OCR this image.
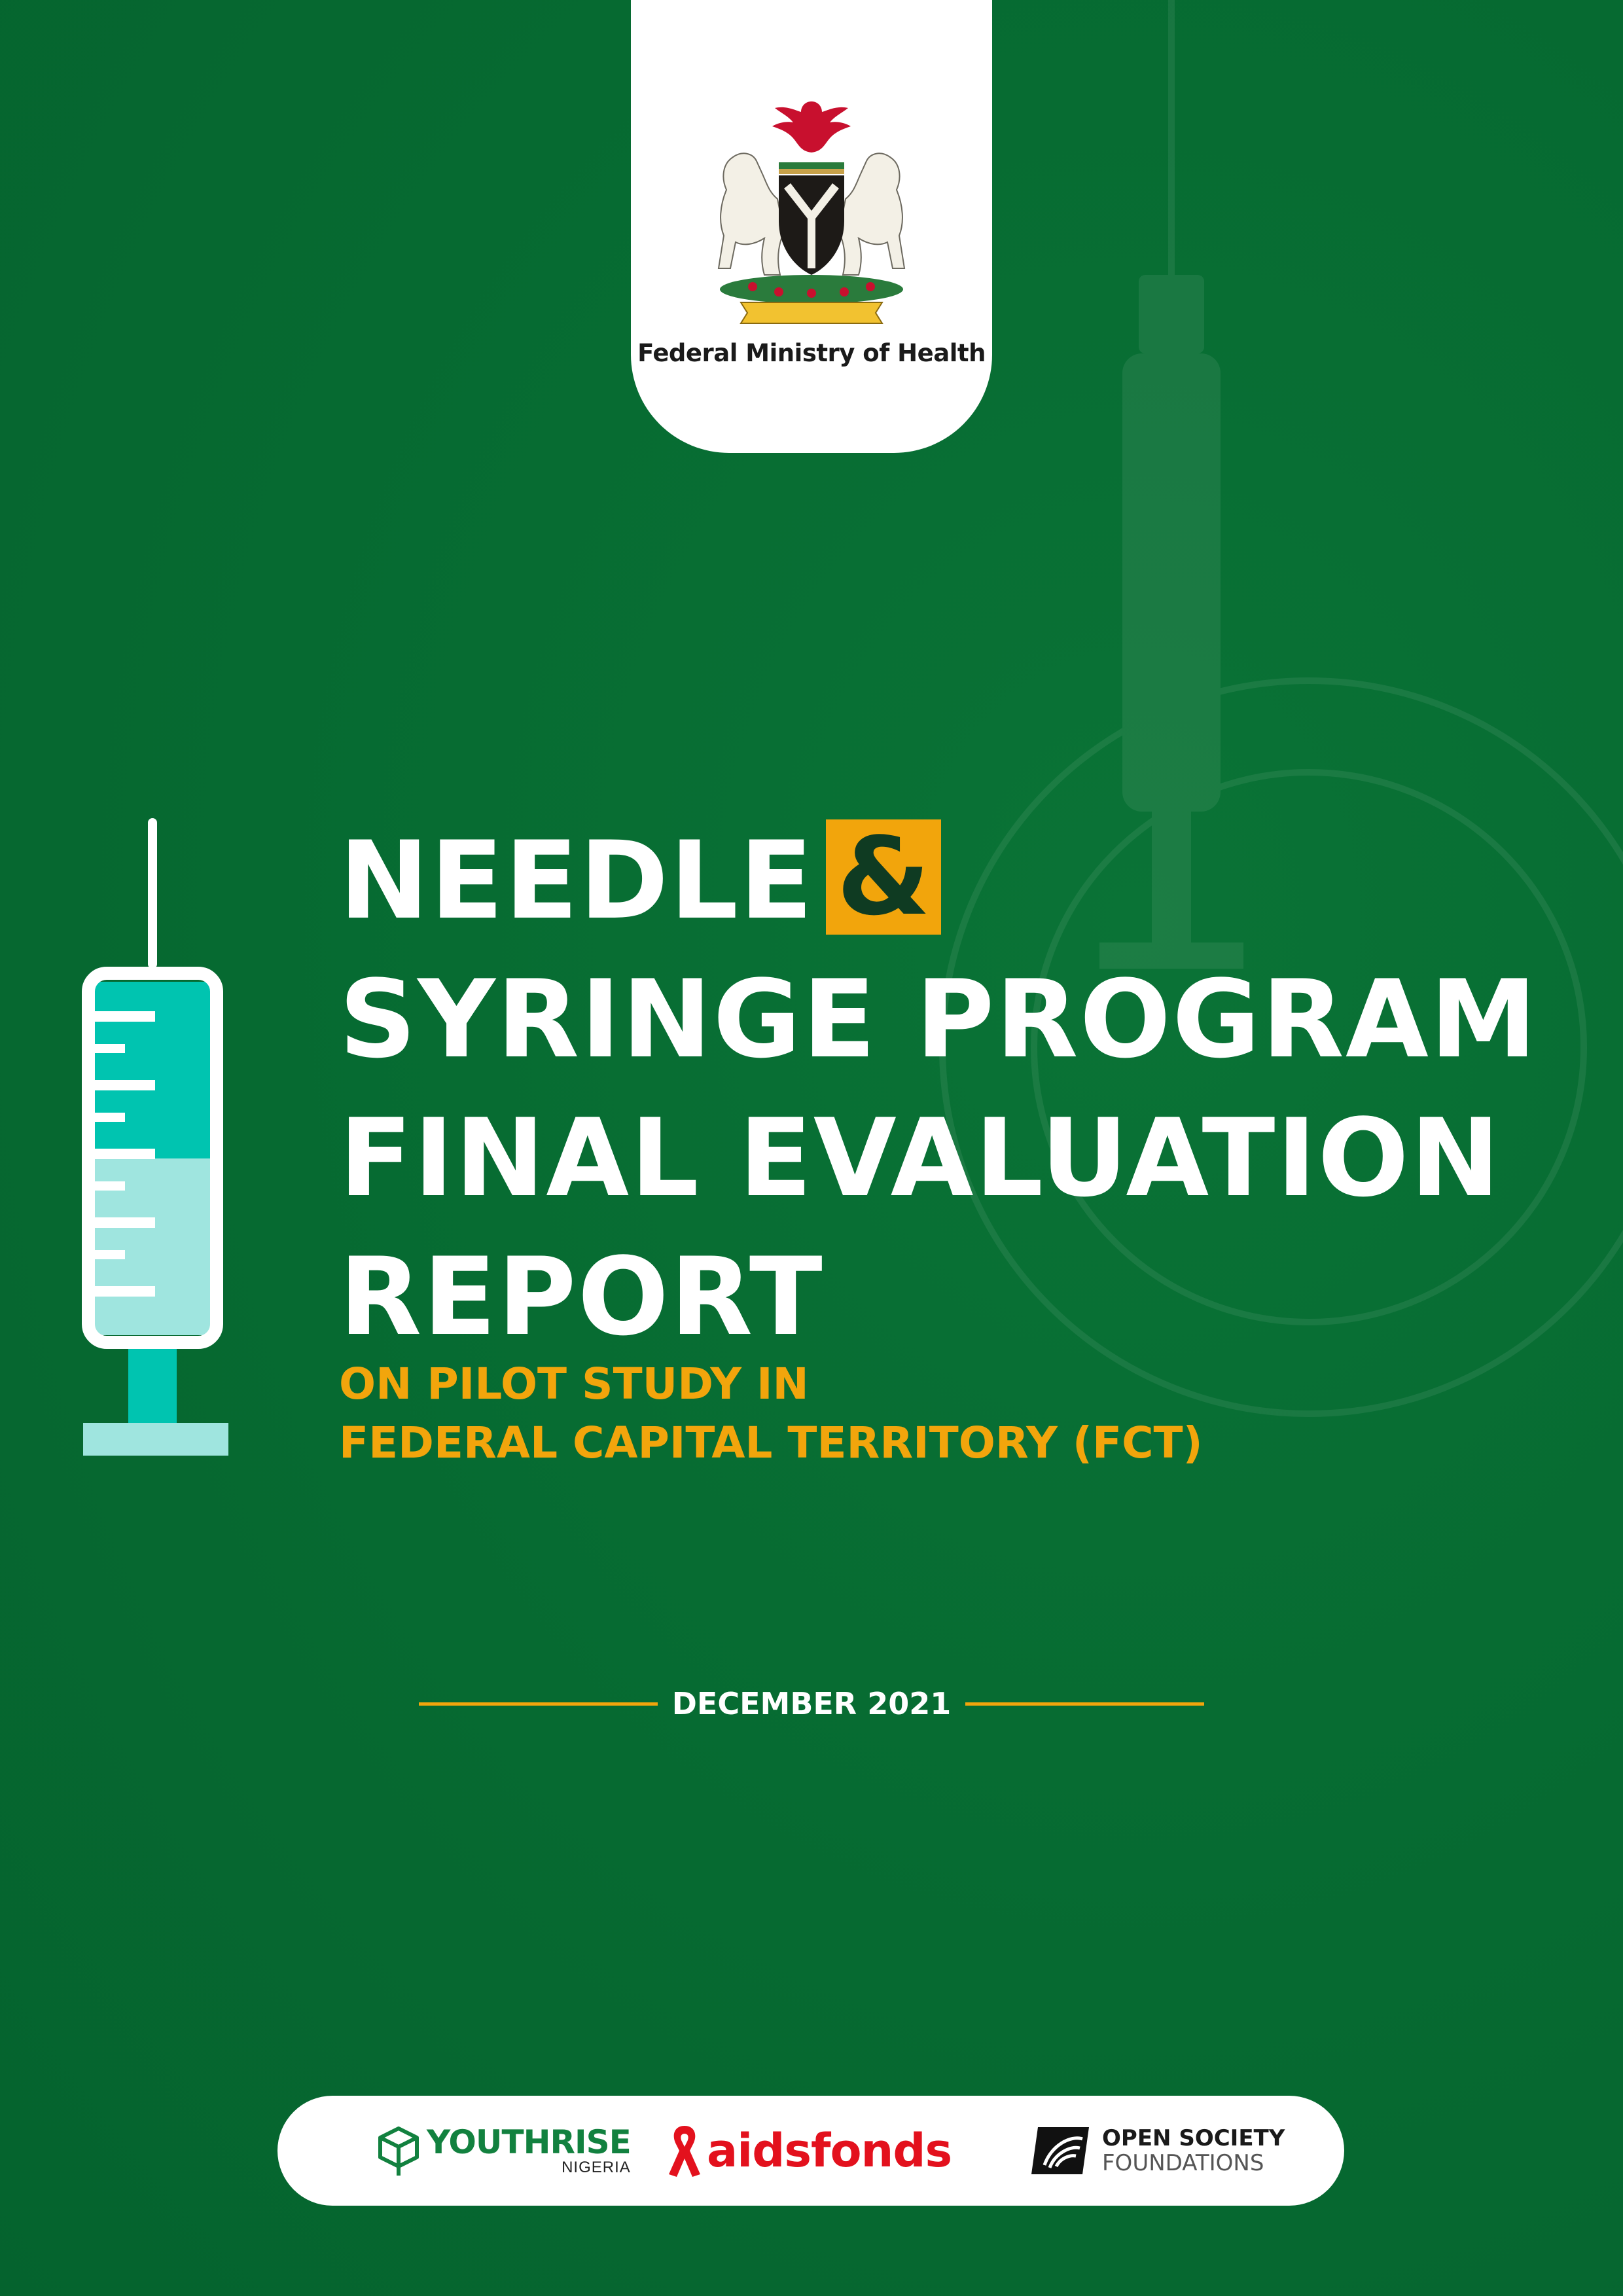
Federal Ministry of Health
NEEDLE &
SYRINGE PROGRAM
FINAL EVALUATION
REPORT
ON PILOT STUDY IN
FEDERAL CAPITAL TERRITORY (FCT)
DECEMBER 2021
YOUTHRISE
NIGERIA aidsfonds	OPEN SOCIETY
FOUNDATIONS
